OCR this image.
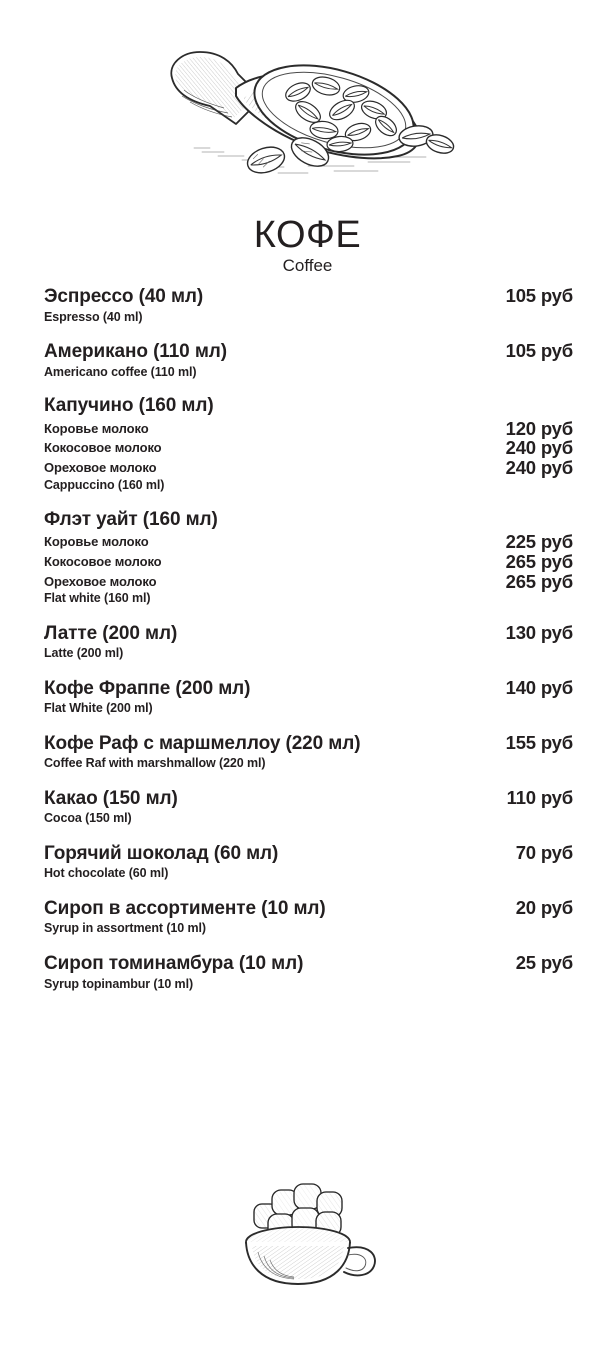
КОФЕ
Coffee
Эспрессо (40 мл)	105 руб
Espresso (40 ml)
Американо (110 мл)	105 руб
Americano coffee (110 ml)
Капучино (160 мл)
Коровье молоко	120 руб
Кокосовое молоко	240 руб
Ореховое молоко	240 руб
Cappuccino (160 ml)
Флэт уайт (160 мл)
Коровье молоко	225 руб
Кокосовое молоко	265 руб
Ореховое молоко	265 руб
Flat white (160 ml)
Латте (200 мл)	130 руб
Latte (200 ml)
Кофе Фраппе (200 мл)	140 руб
Flat White (200 ml)
Кофе Раф с маршмеллоу (220 мл)	155 руб
Coffee Raf with marshmallow (220 ml)
Какао (150 мл)	110 руб
Cocoa (150 ml)
Горячий шоколад (60 мл)	70 руб
Hot chocolate (60 ml)
Сироп в ассортименте (10 мл)	20 руб
Syrup in assortment (10 ml)
Сироп томинамбура (10 мл)	25 руб
Syrup topinambur (10 ml)
